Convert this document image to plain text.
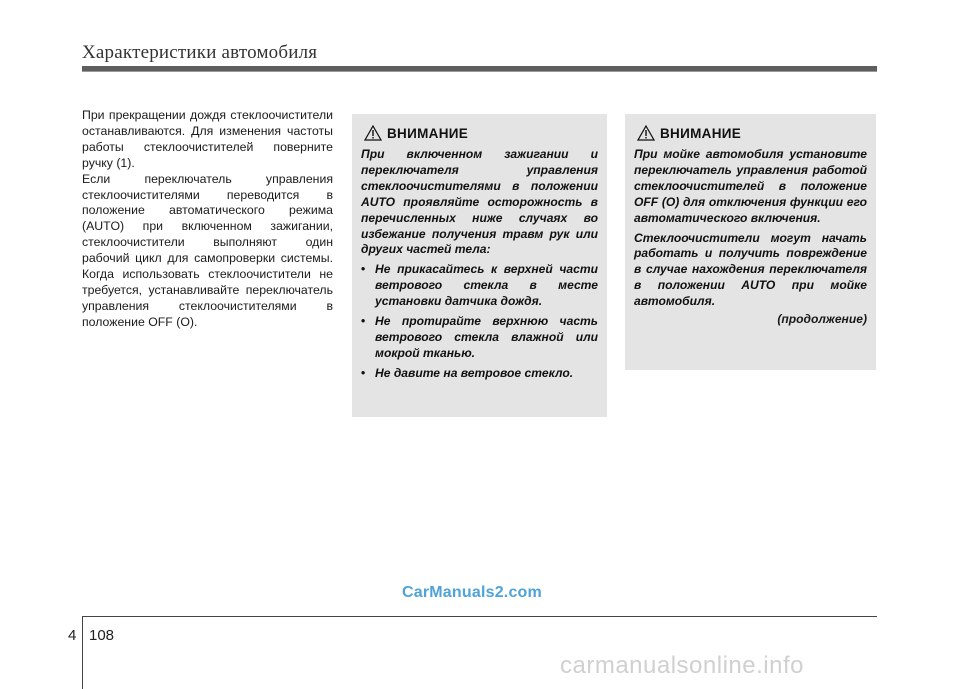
Характеристики автомобиля

При прекращении дождя стеклоочистители останавливаются. Для изменения частоты работы стеклоочистителей поверните ручку (1).

Если переключатель управления стеклоочистителями переводится в положение автоматического режима (AUTO) при включенном зажигании, стеклоочистители выполняют один рабочий цикл для самопроверки системы. Когда использовать стеклоочистители не требуется, устанавливайте переключатель управления стеклоочистителями в положение OFF (O).

ВНИМАНИЕ

При включенном зажигании и переключателя управления стеклоочистителями в положении AUTO проявляйте осторожность в перечисленных ниже случаях во избежание получения травм рук или других частей тела:

• Не прикасайтесь к верхней части ветрового стекла в месте установки датчика дождя.
• Не протирайте верхнюю часть ветрового стекла влажной или мокрой тканью.
• Не давите на ветровое стекло.
ВНИМАНИЕ

При мойке автомобиля установите переключатель управления работой стеклоочистителей в положение OFF (O) для отключения функции его автоматического включения.

Стеклоочистители могут начать работать и получить повреждение в случае нахождения переключателя в положении AUTO при мойке автомобиля.

(продолжение)
CarManuals2.com
4 108
carmanualsonline.info
